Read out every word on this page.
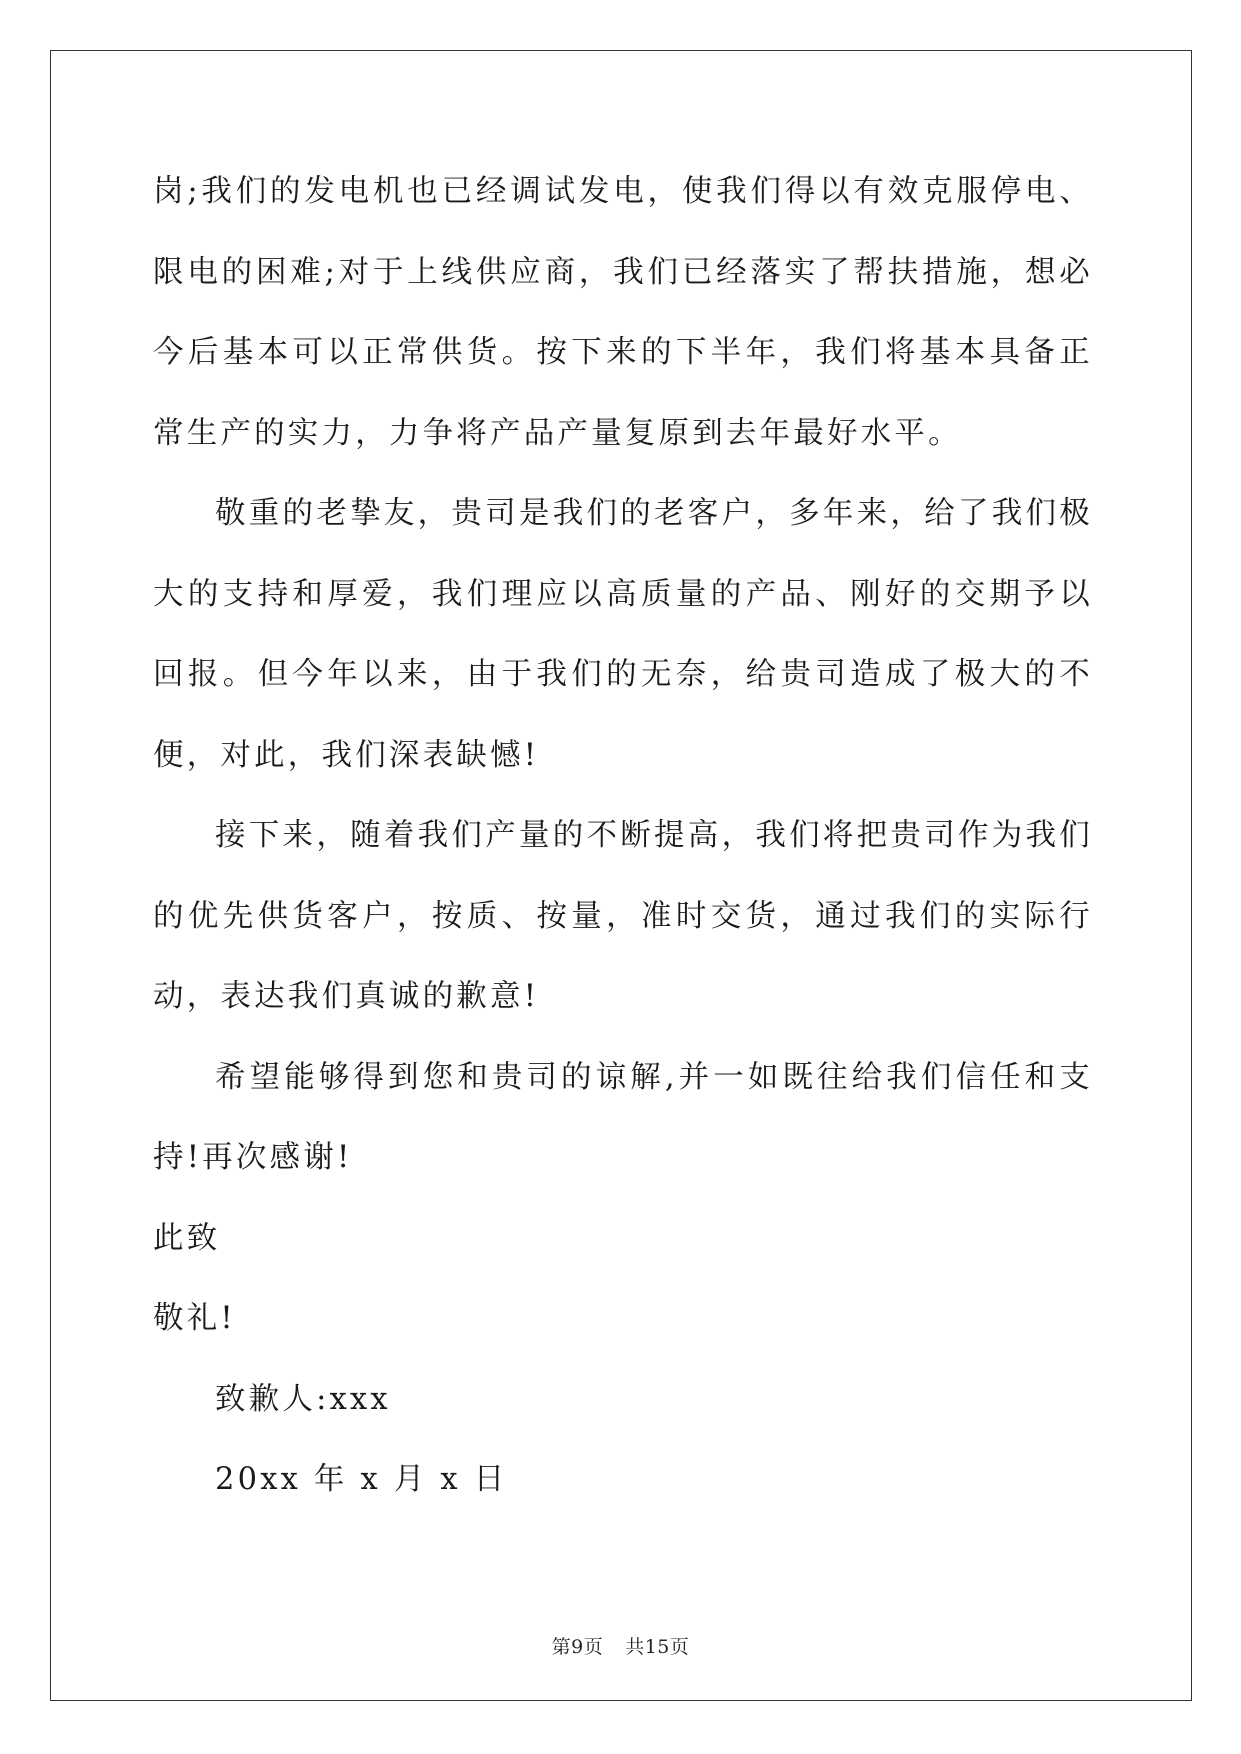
岗;我们的发电机也已经调试发电，使我们得以有效克服停电、限电的困难;对于上线供应商，我们已经落实了帮扶措施，想必今后基本可以正常供货。按下来的下半年，我们将基本具备正常生产的实力，力争将产品产量复原到去年最好水平。

敬重的老挚友，贵司是我们的老客户，多年来，给了我们极大的支持和厚爱，我们理应以高质量的产品、刚好的交期予以回报。但今年以来，由于我们的无奈，给贵司造成了极大的不便，对此，我们深表缺憾!

接下来，随着我们产量的不断提高，我们将把贵司作为我们的优先供货客户，按质、按量，准时交货，通过我们的实际行动，表达我们真诚的歉意!

希望能够得到您和贵司的谅解,并一如既往给我们信任和支持!再次感谢!

此致

敬礼!

致歉人:xxx

20xx 年 x 月 x 日

第9页 共15页
